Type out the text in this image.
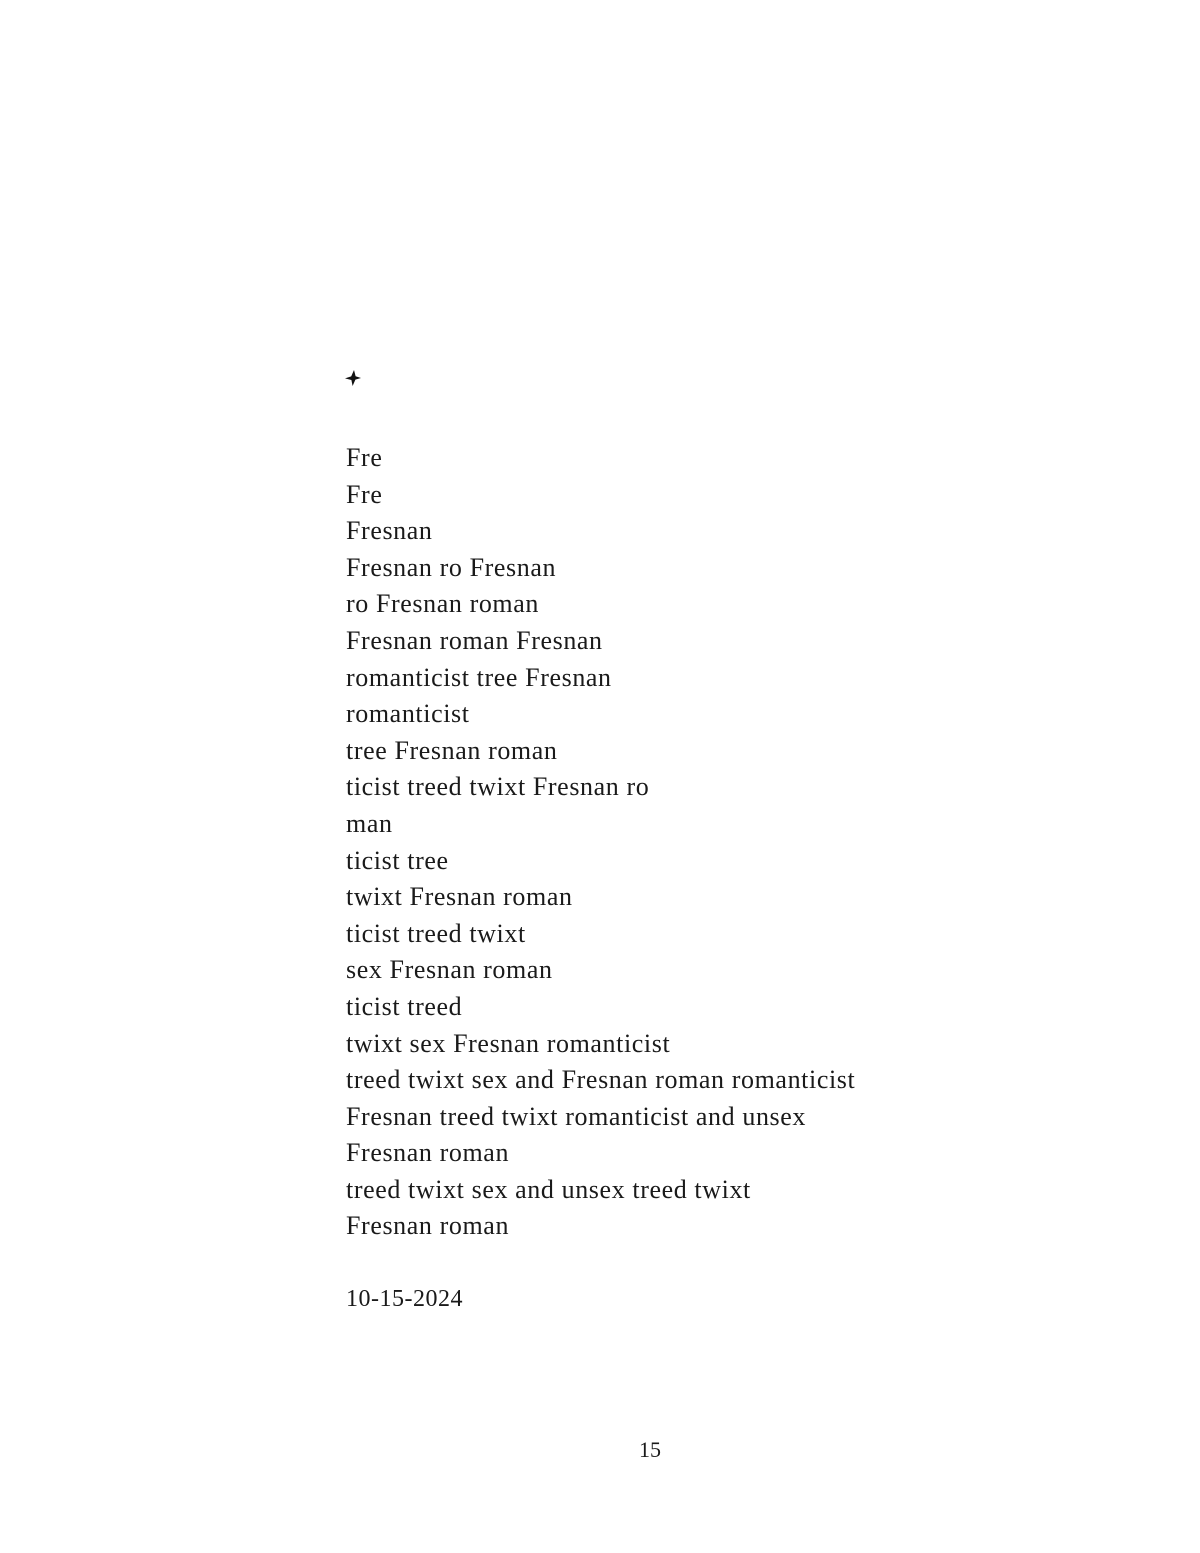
Fre
Fre
Fresnan
Fresnan ro Fresnan
ro Fresnan roman
Fresnan roman Fresnan
romanticist tree Fresnan
romanticist
tree Fresnan roman
ticist treed twixt Fresnan ro
man
ticist tree
twixt Fresnan roman
ticist treed twixt
sex Fresnan roman
ticist treed
twixt sex Fresnan romanticist
treed twixt sex and Fresnan roman romanticist
Fresnan treed twixt romanticist and unsex
Fresnan roman
treed twixt sex and unsex treed twixt
Fresnan roman
10-15-2024
15
